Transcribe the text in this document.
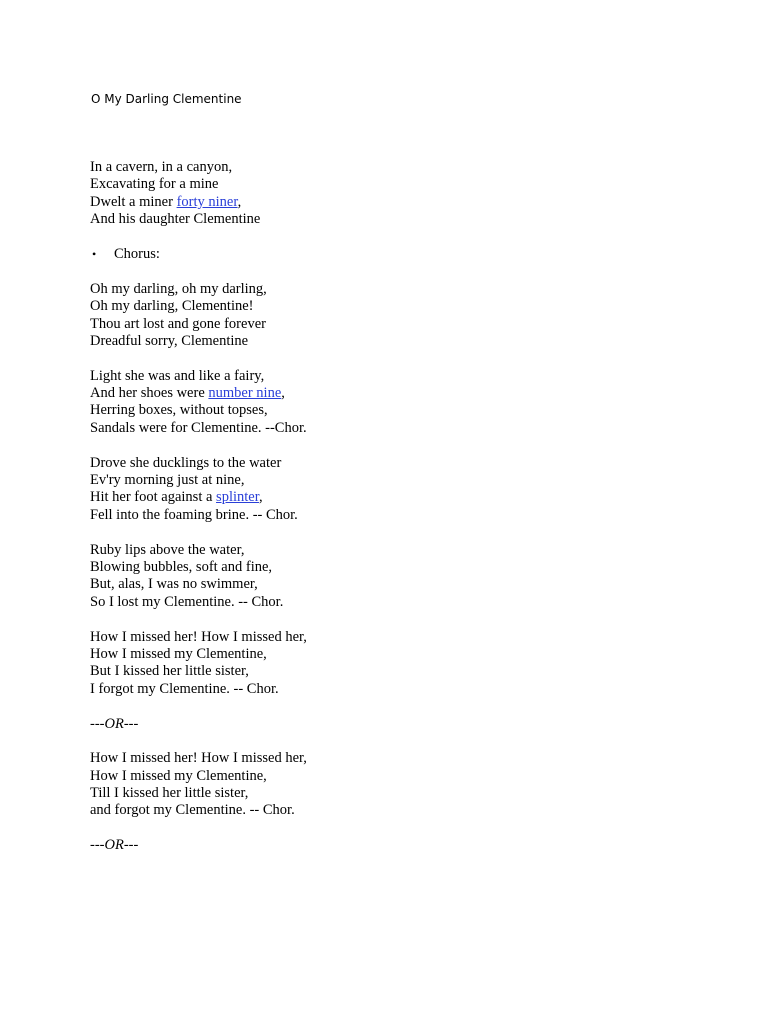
O My Darling Clementine
In a cavern, in a canyon,
Excavating for a mine
Dwelt a miner forty niner,
And his daughter Clementine
• Chorus:
Oh my darling, oh my darling,
Oh my darling, Clementine!
Thou art lost and gone forever
Dreadful sorry, Clementine
Light she was and like a fairy,
And her shoes were number nine,
Herring boxes, without topses,
Sandals were for Clementine. --Chor.
Drove she ducklings to the water
Ev'ry morning just at nine,
Hit her foot against a splinter,
Fell into the foaming brine. -- Chor.
Ruby lips above the water,
Blowing bubbles, soft and fine,
But, alas, I was no swimmer,
So I lost my Clementine. -- Chor.
How I missed her! How I missed her,
How I missed my Clementine,
But I kissed her little sister,
I forgot my Clementine. -- Chor.
---OR---
How I missed her! How I missed her,
How I missed my Clementine,
Till I kissed her little sister,
and forgot my Clementine. -- Chor.
---OR---
